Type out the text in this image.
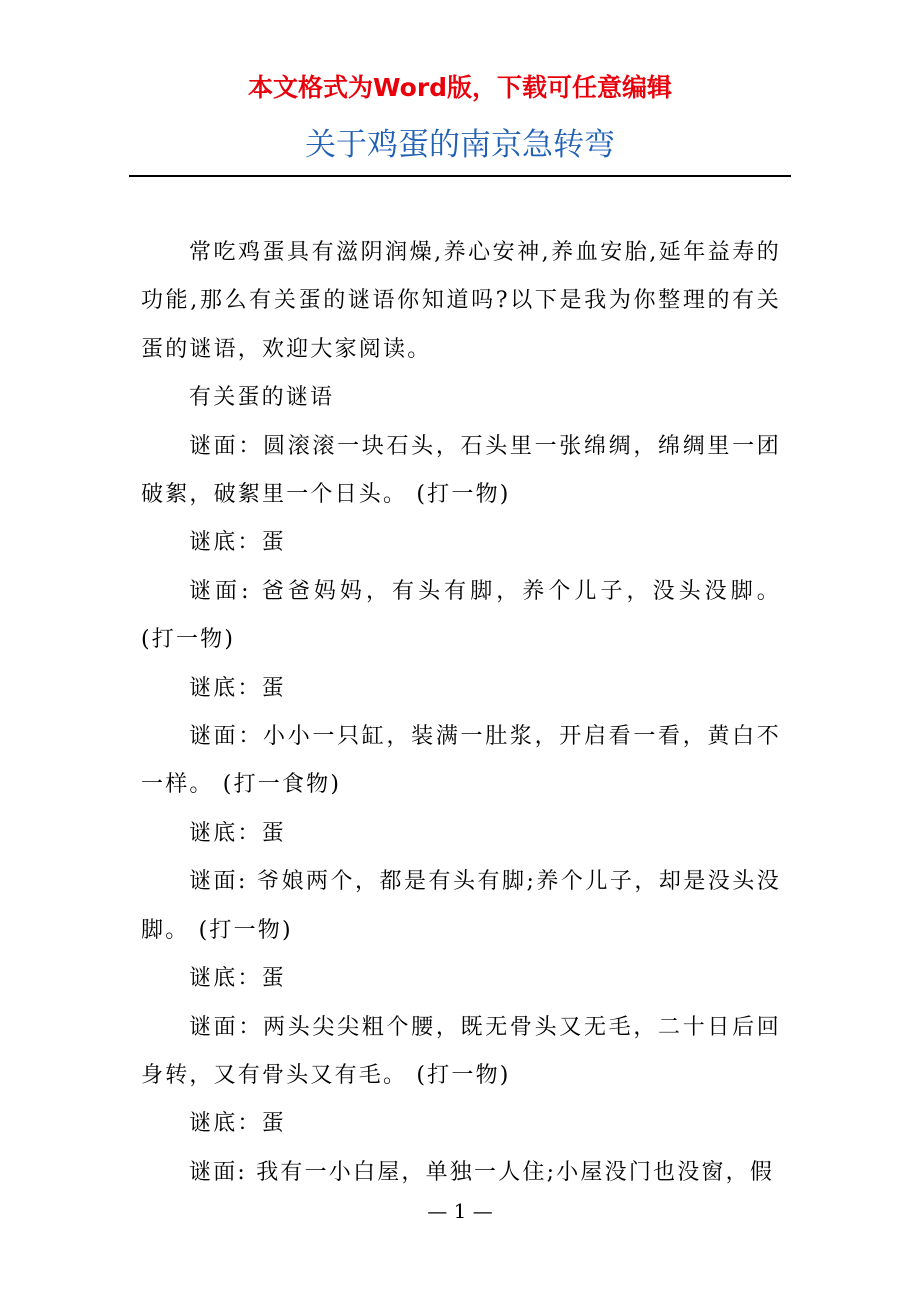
本文格式为Word版，下载可任意编辑
关于鸡蛋的南京急转弯

常吃鸡蛋具有滋阴润燥,养心安神,养血安胎,延年益寿的功能,那么有关蛋的谜语你知道吗?以下是我为你整理的有关蛋的谜语，欢迎大家阅读。

有关蛋的谜语

谜面：圆滚滚一块石头，石头里一张绵绸，绵绸里一团破絮，破絮里一个日头。 (打一物)

谜底：蛋

谜面: 爸爸妈妈，有头有脚，养个儿子，没头没脚。 (打一物)

谜底：蛋

谜面：小小一只缸，装满一肚浆，开启看一看，黄白不一样。 (打一食物)

谜底：蛋

谜面: 爷娘两个，都是有头有脚;养个儿子，却是没头没脚。 (打一物)

谜底：蛋

谜面：两头尖尖粗个腰，既无骨头又无毛，二十日后回身转，又有骨头又有毛。 (打一物)

谜底：蛋

谜面: 我有一小白屋，单独一人住;小屋没门也没窗，假

— 1 —
